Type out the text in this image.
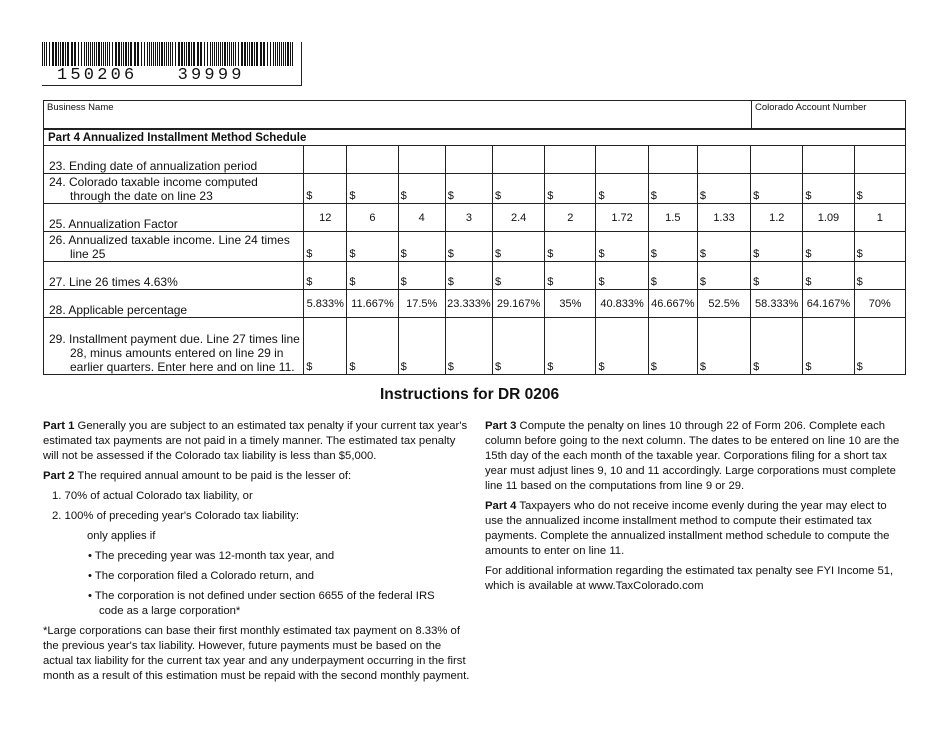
150206   39999
Business Name	Colorado Account Number
Part 4 Annualized Installment Method Schedule												
23. Ending date of annualization period												
24. Colorado taxable income computed
through the date on line 23	$	$	$	$	$	$	$	$	$	$	$	$

25. Annualization Factor	12	6	4	3	2.4	2	1.72	1.5	1.33	1.2	1.09	1
26. Annualized taxable income. Line 24 times
line 25	$	$	$	$	$	$	$	$	$	$	$	$

27. Line 26 times 4.63%	$	$	$	$	$	$	$	$	$	$	$	$

28. Applicable percentage	5.833%	11.667%	17.5%	23.333%	29.167%	35%	40.833%	46.667%	52.5%	58.333%	64.167%	70%
29. Installment payment due. Line 27 times line
28, minus amounts entered on line 29 in
earlier quarters. Enter here and on line 11.	$	$	$	$	$	$	$	$	$	$	$	$
Instructions for DR 0206

Part 1 Generally you are subject to an estimated tax penalty if your current tax year's estimated tax payments are not paid in a timely manner. The estimated tax penalty will not be assessed if the Colorado tax liability is less than $5,000.

Part 2 The required annual amount to be paid is the lesser of:

1. 70% of actual Colorado tax liability, or

2. 100% of preceding year's Colorado tax liability:

only applies if

• The preceding year was 12-month tax year, and

• The corporation filed a Colorado return, and

• The corporation is not defined under section 6655 of the federal IRS
code as a large corporation*

*Large corporations can base their first monthly estimated tax payment on 8.33% of the previous year's tax liability. However, future payments must be based on the actual tax liability for the current tax year and any underpayment occurring in the first month as a result of this estimation must be repaid with the second monthly payment.

Part 3 Compute the penalty on lines 10 through 22 of Form 206. Complete each column before going to the next column. The dates to be entered on line 10 are the 15th day of the each month of the taxable year. Corporations filing for a short tax year must adjust lines 9, 10 and 11 accordingly. Large corporations must complete line 11 based on the computations from line 9 or 29.

Part 4 Taxpayers who do not receive income evenly during the year may elect to use the annualized income installment method to compute their estimated tax payments. Complete the annualized installment method schedule to compute the amounts to enter on line 11.

For additional information regarding the estimated tax penalty see FYI Income 51, which is available at www.TaxColorado.com
